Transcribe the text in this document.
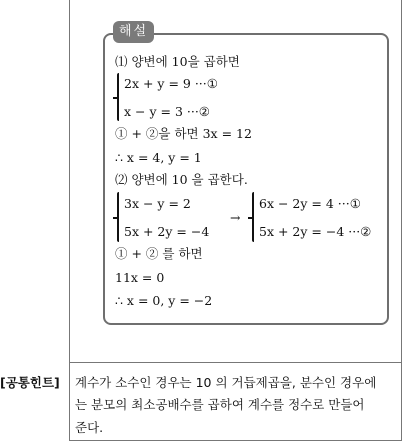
해설
⑴ 양변에 10을 곱하면
2x + y = 9 ···①
x − y = 3 ···②
① + ②을 하면 3x = 12
∴ x = 4, y = 1
⑵ 양변에 10 을 곱한다.
3x − y = 2
5x + 2y = −4
→
6x − 2y = 4 ···①
5x + 2y = −4 ···②
① + ② 를 하면
11x = 0
∴ x = 0, y = −2
[공통힌트] 계수가 소수인 경우는 10 의 거듭제곱을, 분수인 경우에
는 분모의 최소공배수를 곱하여 계수를 정수로 만들어
준다.
